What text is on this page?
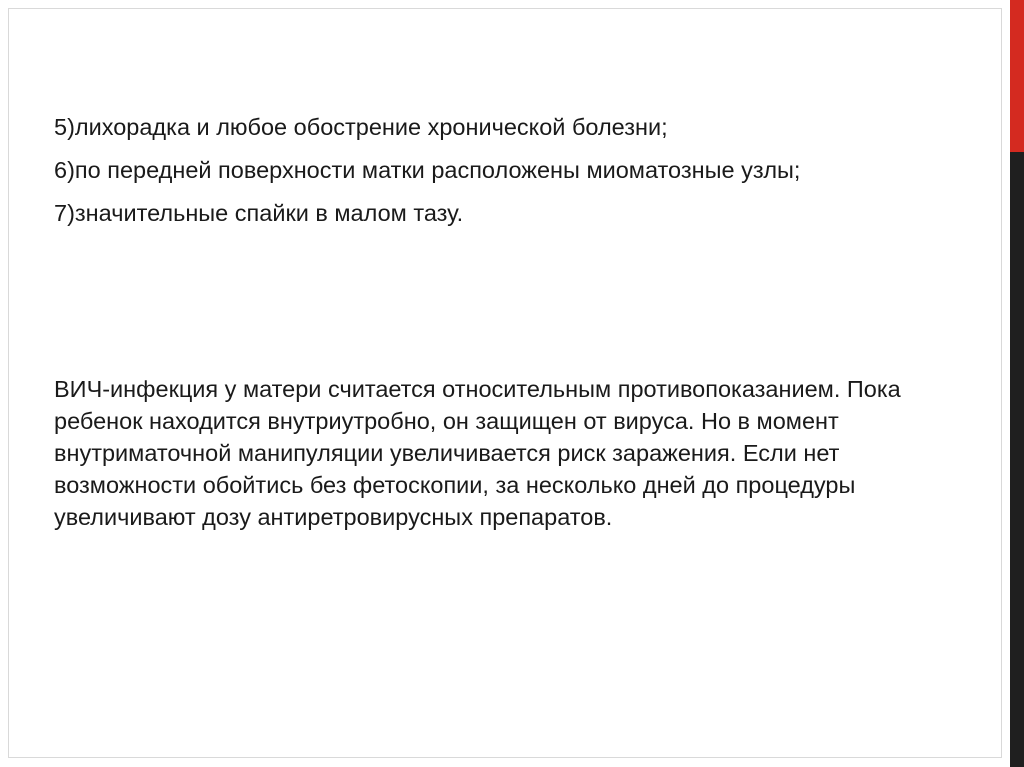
5)лихорадка и любое обострение хронической болезни;

6)по передней поверхности матки расположены миоматозные узлы;

7)значительные спайки в малом тазу.

ВИЧ-инфекция у матери считается относительным противопоказанием. Пока ребенок находится внутриутробно, он защищен от вируса. Но в момент внутриматочной манипуляции увеличивается риск заражения. Если нет возможности обойтись без фетоскопии, за несколько дней до процедуры увеличивают дозу антиретровирусных препаратов.
